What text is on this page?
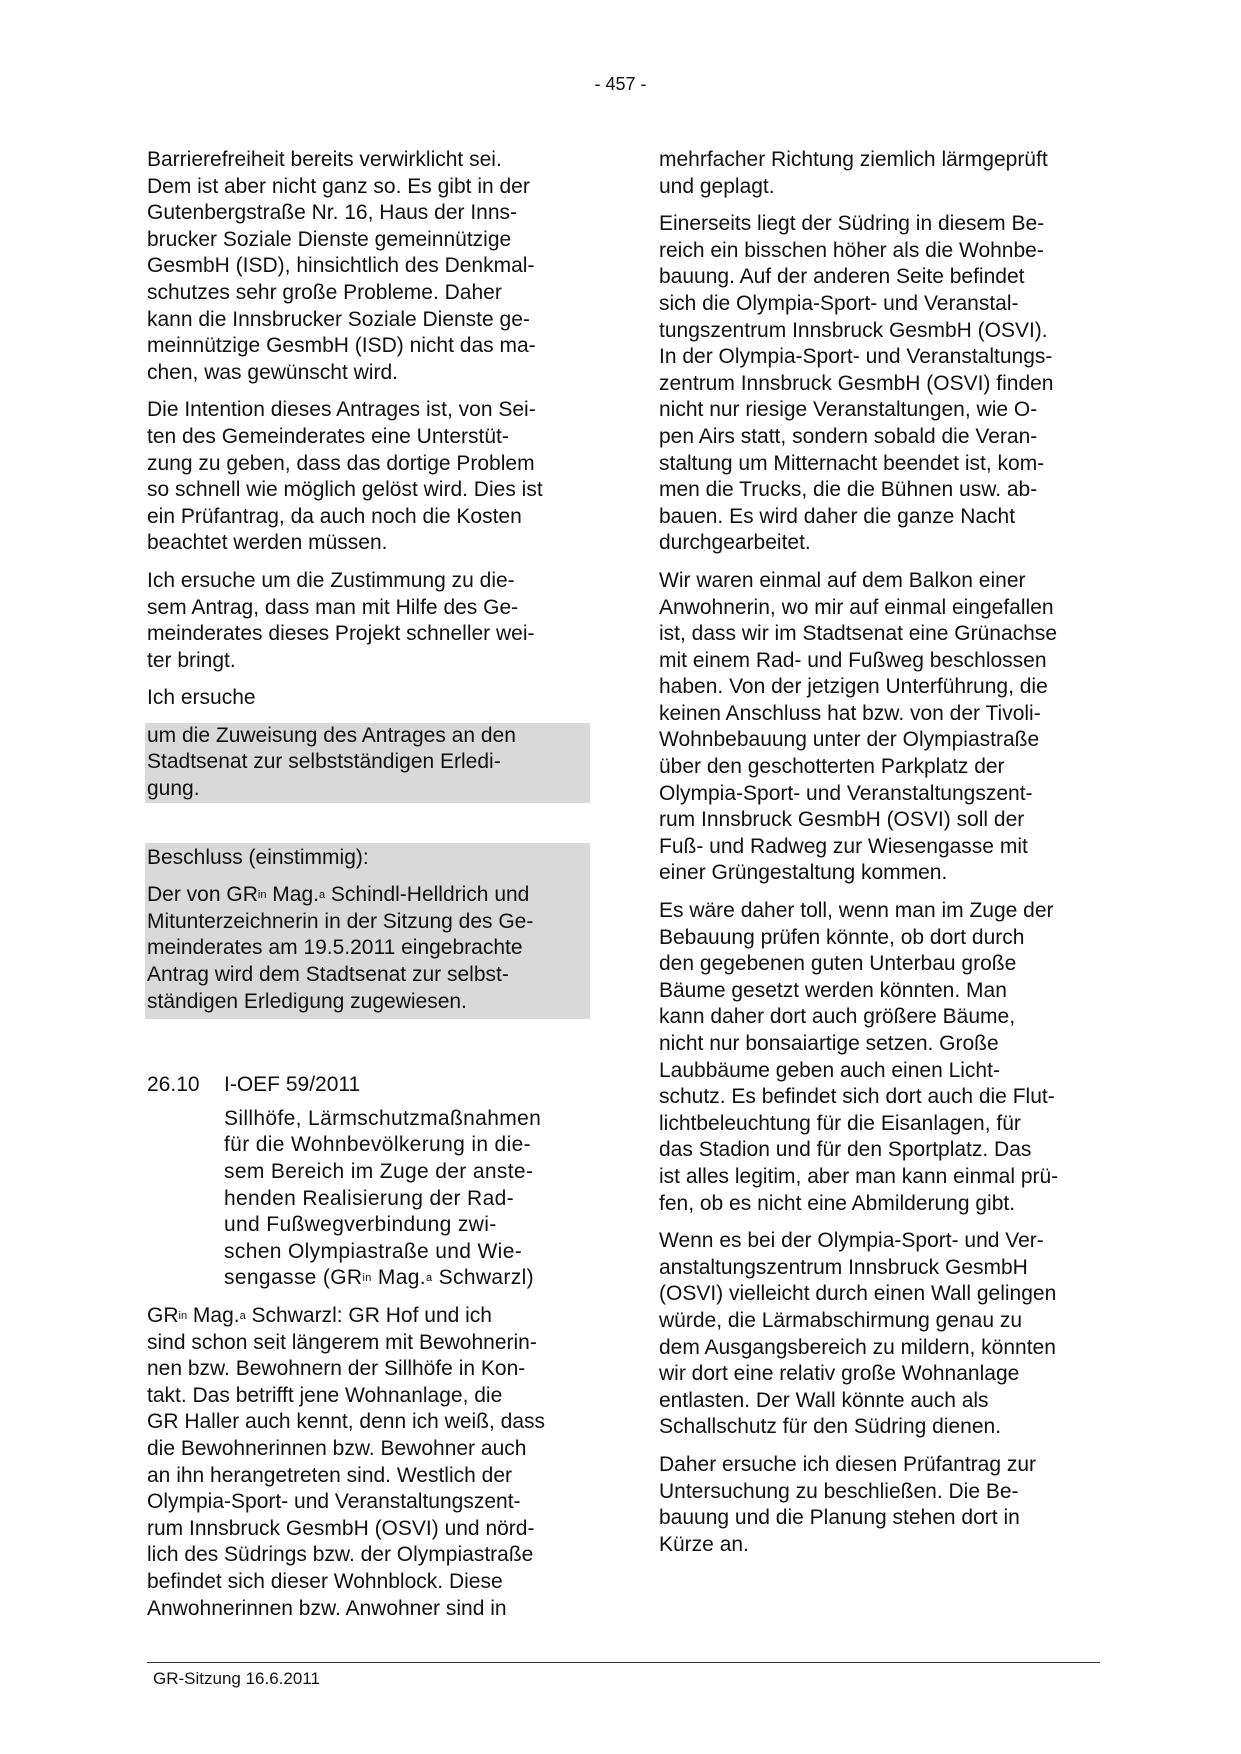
- 457 -

Barrierefreiheit bereits verwirklicht sei.
Dem ist aber nicht ganz so. Es gibt in der
Gutenbergstraße Nr. 16, Haus der Inns-
brucker Soziale Dienste gemeinnützige
GesmbH (ISD), hinsichtlich des Denkmal-
schutzes sehr große Probleme. Daher
kann die Innsbrucker Soziale Dienste ge-
meinnützige GesmbH (ISD) nicht das ma-
chen, was gewünscht wird.

Die Intention dieses Antrages ist, von Sei-
ten des Gemeinderates eine Unterstüt-
zung zu geben, dass das dortige Problem
so schnell wie möglich gelöst wird. Dies ist
ein Prüfantrag, da auch noch die Kosten
beachtet werden müssen.

Ich ersuche um die Zustimmung zu die-
sem Antrag, dass man mit Hilfe des Ge-
meinderates dieses Projekt schneller wei-
ter bringt.

Ich ersuche

um die Zuweisung des Antrages an den
Stadtsenat zur selbstständigen Erledi-
gung.

Beschluss (einstimmig):

Der von $GR^{in}$ Mag.$^a$ Schindl-Helldrich und
Mitunterzeichnerin in der Sitzung des Ge-
meinderates am 19.5.2011 eingebrachte
Antrag wird dem Stadtsenat zur selbst-
ständigen Erledigung zugewiesen.

26.10	I-OEF 59/2011
Sillhöfe, Lärmschutzmaßnahmen
für die Wohnbevölkerung in die-
sem Bereich im Zuge der anste-
henden Realisierung der Rad-
und Fußwegverbindung zwi-
schen Olympiastraße und Wie-
sengasse ($GR^{in}$ Mag.$^a$ Schwarzl)

$GR^{in}$ Mag.$^a$ Schwarzl: GR Hof und ich
sind schon seit längerem mit Bewohnerin-
nen bzw. Bewohnern der Sillhöfe in Kon-
takt. Das betrifft jene Wohnanlage, die
GR Haller auch kennt, denn ich weiß, dass
die Bewohnerinnen bzw. Bewohner auch
an ihn herangetreten sind. Westlich der
Olympia-Sport- und Veranstaltungszent-
rum Innsbruck GesmbH (OSVI) und nörd-
lich des Südrings bzw. der Olympiastraße
befindet sich dieser Wohnblock. Diese
Anwohnerinnen bzw. Anwohner sind in

mehrfacher Richtung ziemlich lärmgeprüft
und geplagt.

Einerseits liegt der Südring in diesem Be-
reich ein bisschen höher als die Wohnbe-
bauung. Auf der anderen Seite befindet
sich die Olympia-Sport- und Veranstal-
tungszentrum Innsbruck GesmbH (OSVI).
In der Olympia-Sport- und Veranstaltungs-
zentrum Innsbruck GesmbH (OSVI) finden
nicht nur riesige Veranstaltungen, wie O-
pen Airs statt, sondern sobald die Veran-
staltung um Mitternacht beendet ist, kom-
men die Trucks, die die Bühnen usw. ab-
bauen. Es wird daher die ganze Nacht
durchgearbeitet.

Wir waren einmal auf dem Balkon einer
Anwohnerin, wo mir auf einmal eingefallen
ist, dass wir im Stadtsenat eine Grünachse
mit einem Rad- und Fußweg beschlossen
haben. Von der jetzigen Unterführung, die
keinen Anschluss hat bzw. von der Tivoli-
Wohnbebauung unter der Olympiastraße
über den geschotterten Parkplatz der
Olympia-Sport- und Veranstaltungszent-
rum Innsbruck GesmbH (OSVI) soll der
Fuß- und Radweg zur Wiesengasse mit
einer Grüngestaltung kommen.

Es wäre daher toll, wenn man im Zuge der
Bebauung prüfen könnte, ob dort durch
den gegebenen guten Unterbau große
Bäume gesetzt werden könnten. Man
kann daher dort auch größere Bäume,
nicht nur bonsaiartige setzen. Große
Laubbäume geben auch einen Licht-
schutz. Es befindet sich dort auch die Flut-
lichtbeleuchtung für die Eisanlagen, für
das Stadion und für den Sportplatz. Das
ist alles legitim, aber man kann einmal prü-
fen, ob es nicht eine Abmilderung gibt.

Wenn es bei der Olympia-Sport- und Ver-
anstaltungszentrum Innsbruck GesmbH
(OSVI) vielleicht durch einen Wall gelingen
würde, die Lärmabschirmung genau zu
dem Ausgangsbereich zu mildern, könnten
wir dort eine relativ große Wohnanlage
entlasten. Der Wall könnte auch als
Schallschutz für den Südring dienen.

Daher ersuche ich diesen Prüfantrag zur
Untersuchung zu beschließen. Die Be-
bauung und die Planung stehen dort in
Kürze an.

GR-Sitzung 16.6.2011
